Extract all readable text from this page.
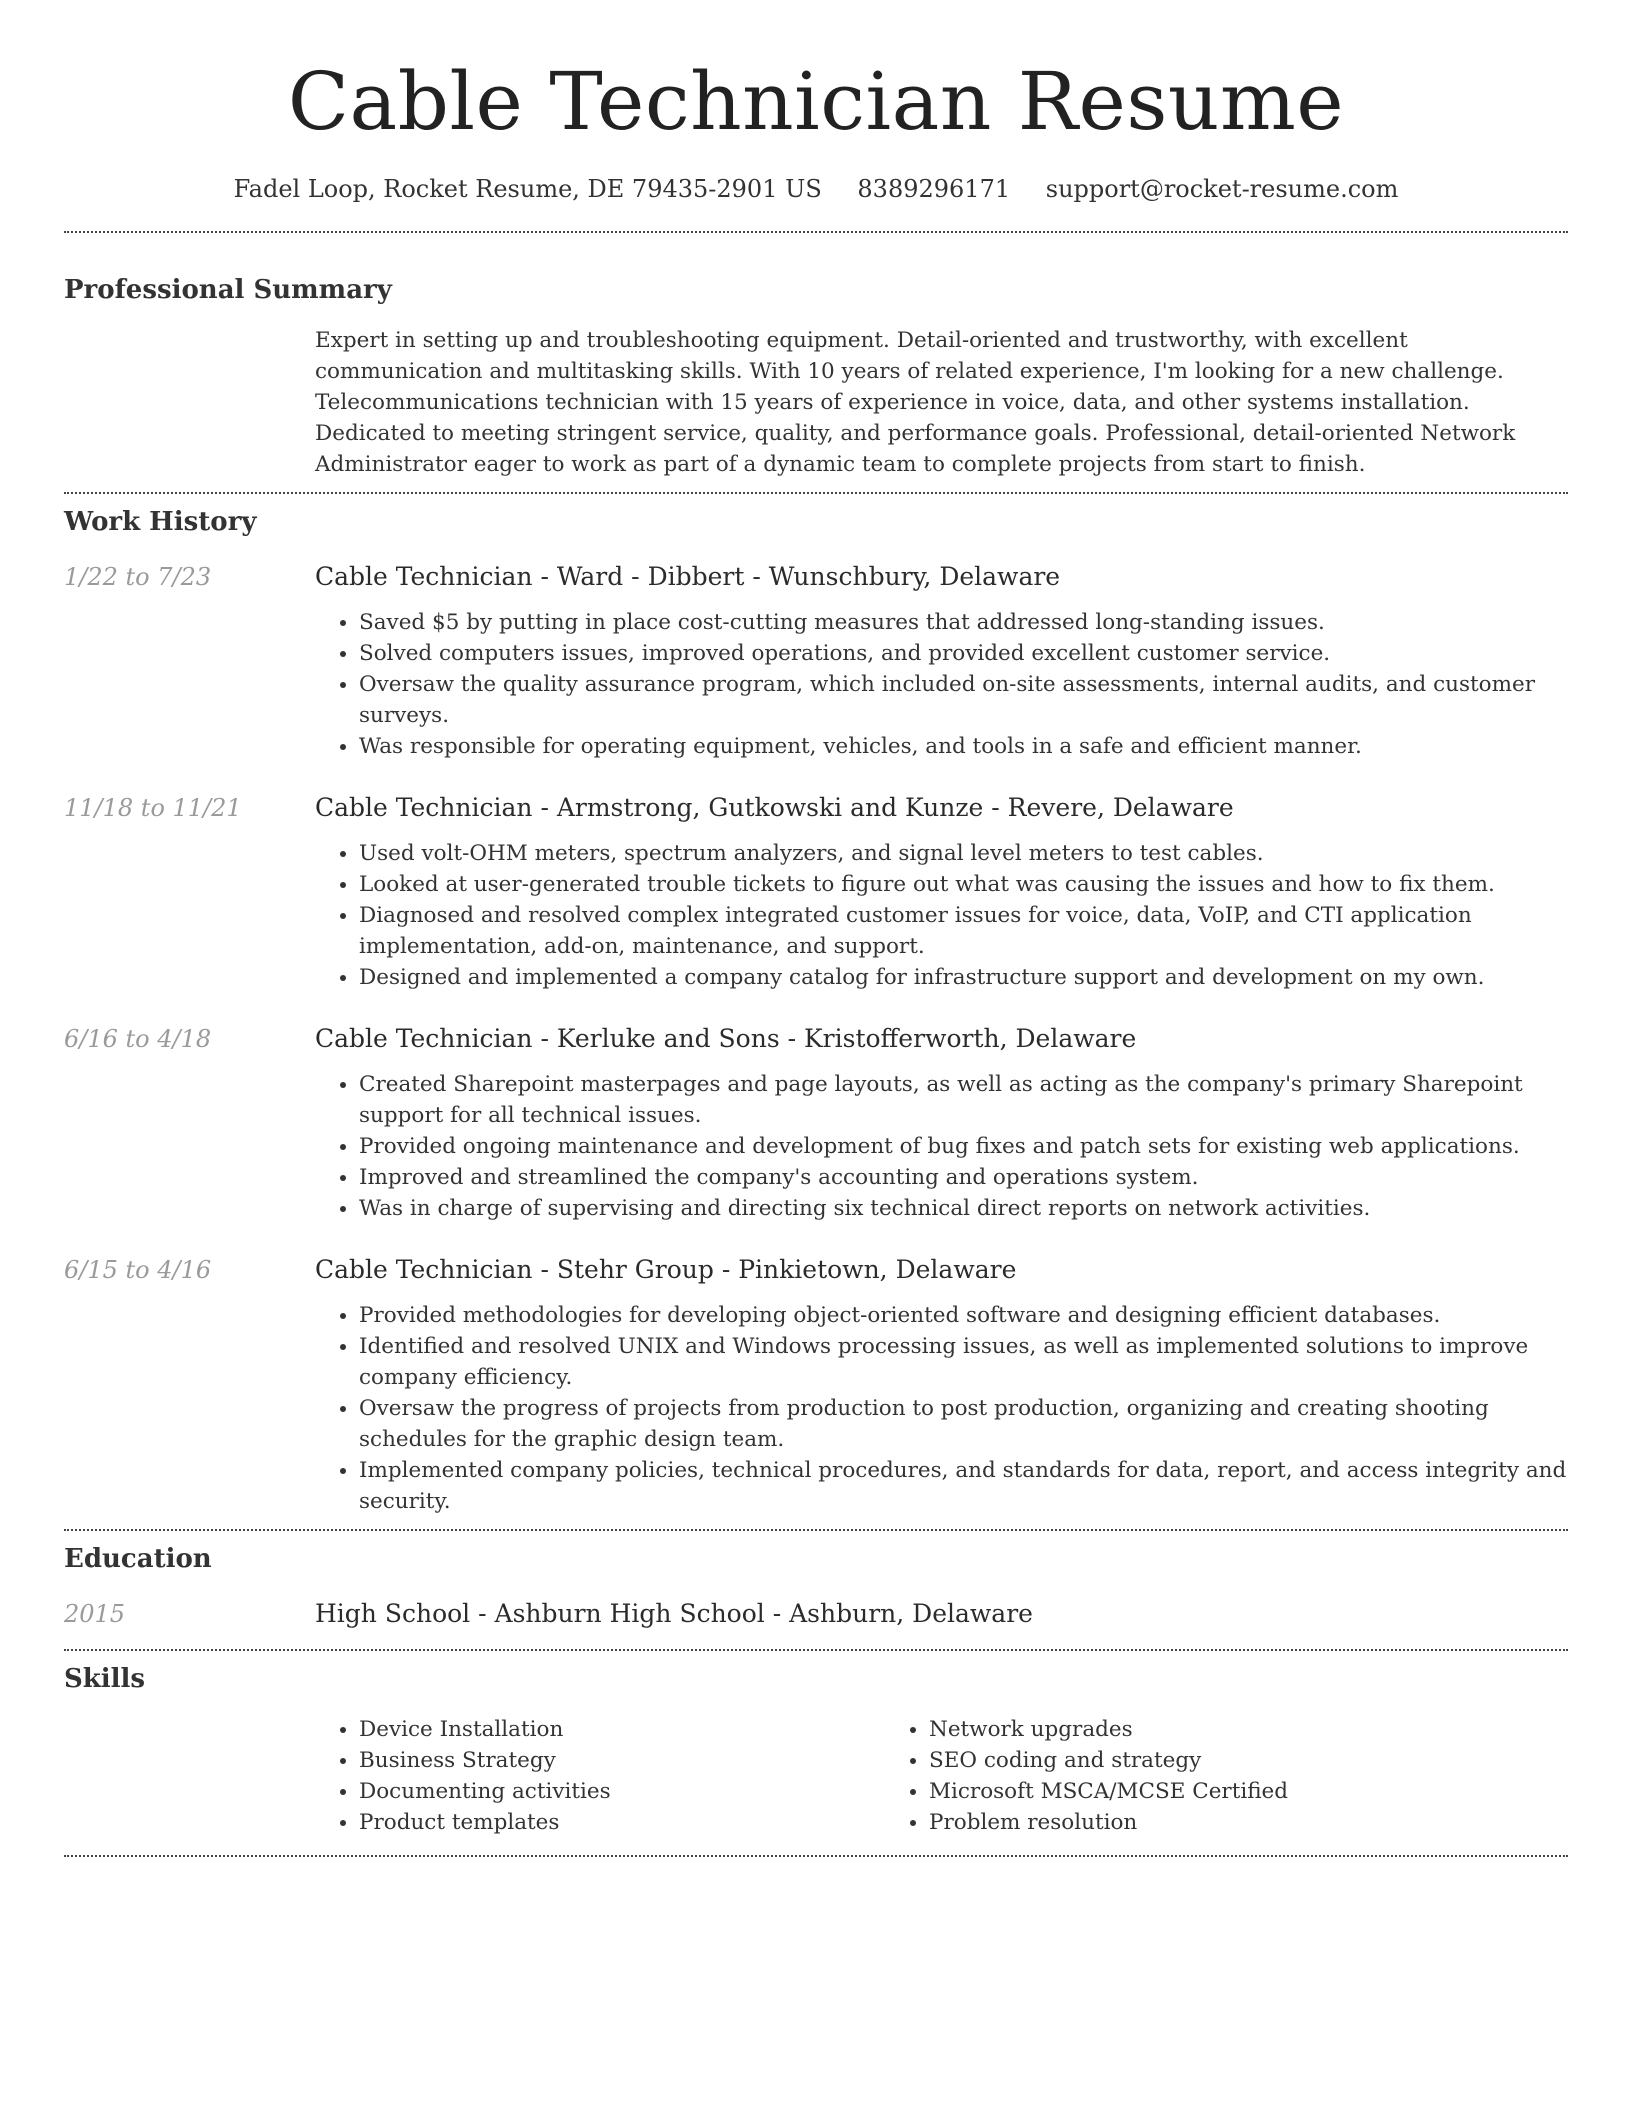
Cable Technician Resume
Fadel Loop, Rocket Resume, DE 79435-2901 US 8389296171 support@rocket-resume.com
Professional Summary

Expert in setting up and troubleshooting equipment. Detail-oriented and trustworthy, with excellent communication and multitasking skills. With 10 years of related experience, I'm looking for a new challenge. Telecommunications technician with 15 years of experience in voice, data, and other systems installation. Dedicated to meeting stringent service, quality, and performance goals. Professional, detail-oriented Network Administrator eager to work as part of a dynamic team to complete projects from start to finish.

Work History
1/22 to 7/23	Cable Technician - Ward - Dibbert - Wunschbury, Delaware
• Saved $5 by putting in place cost-cutting measures that addressed long-standing issues.
• Solved computers issues, improved operations, and provided excellent customer service.
• Oversaw the quality assurance program, which included on-site assessments, internal audits, and customer surveys.
• Was responsible for operating equipment, vehicles, and tools in a safe and efficient manner.
11/18 to 11/21	Cable Technician - Armstrong, Gutkowski and Kunze - Revere, Delaware
• Used volt-OHM meters, spectrum analyzers, and signal level meters to test cables.
• Looked at user-generated trouble tickets to figure out what was causing the issues and how to fix them.
• Diagnosed and resolved complex integrated customer issues for voice, data, VoIP, and CTI application implementation, add-on, maintenance, and support.
• Designed and implemented a company catalog for infrastructure support and development on my own.
6/16 to 4/18	Cable Technician - Kerluke and Sons - Kristofferworth, Delaware
• Created Sharepoint masterpages and page layouts, as well as acting as the company's primary Sharepoint support for all technical issues.
• Provided ongoing maintenance and development of bug fixes and patch sets for existing web applications.
• Improved and streamlined the company's accounting and operations system.
• Was in charge of supervising and directing six technical direct reports on network activities.
6/15 to 4/16	Cable Technician - Stehr Group - Pinkietown, Delaware
• Provided methodologies for developing object-oriented software and designing efficient databases.
• Identified and resolved UNIX and Windows processing issues, as well as implemented solutions to improve company efficiency.
• Oversaw the progress of projects from production to post production, organizing and creating shooting schedules for the graphic design team.
• Implemented company policies, technical procedures, and standards for data, report, and access integrity and security.
Education
2015	High School - Ashburn High School - Ashburn, Delaware
Skills
• Device Installation
• Business Strategy
• Documenting activities
• Product templates
• Network upgrades
• SEO coding and strategy
• Microsoft MSCA/MCSE Certified
• Problem resolution
